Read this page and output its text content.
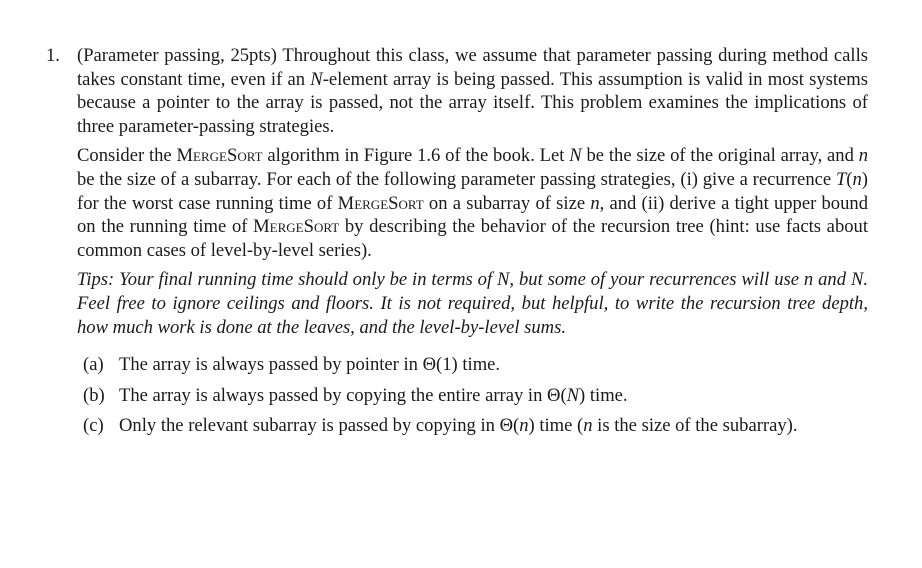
1. (Parameter passing, 25pts) Throughout this class, we assume that parameter passing during method calls takes constant time, even if an N-element array is being passed. This assumption is valid in most systems because a pointer to the array is passed, not the array itself. This problem examines the implications of three parameter-passing strategies.

Consider the MergeSort algorithm in Figure 1.6 of the book. Let N be the size of the original array, and n be the size of a subarray. For each of the following parameter passing strategies, (i) give a recurrence T(n) for the worst case running time of MergeSort on a subarray of size n, and (ii) derive a tight upper bound on the running time of MergeSort by describing the behavior of the recursion tree (hint: use facts about common cases of level-by-level series).

Tips: Your final running time should only be in terms of N, but some of your recurrences will use n and N. Feel free to ignore ceilings and floors. It is not required, but helpful, to write the recursion tree depth, how much work is done at the leaves, and the level-by-level sums.

(a) The array is always passed by pointer in Θ(1) time.
(b) The array is always passed by copying the entire array in Θ(N) time.
(c) Only the relevant subarray is passed by copying in Θ(n) time (n is the size of the subarray).
